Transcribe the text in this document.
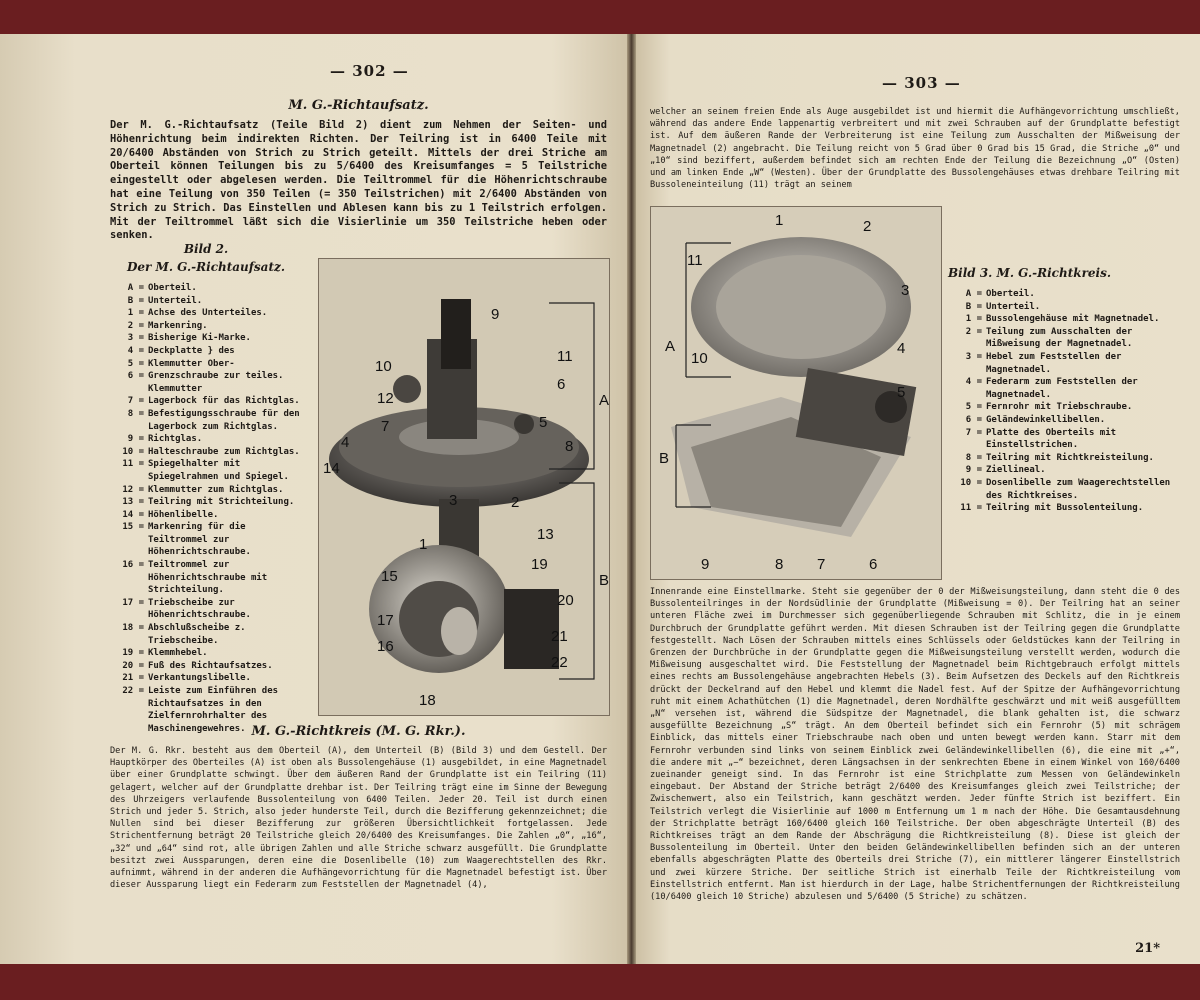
— 302 —

M. G.-Richtaufsatz.

Der M. G.-Richtaufsatz (Teile Bild 2) dient zum Nehmen der Seiten- und Höhenrichtung beim indirekten Richten. Der Teilring ist in 6400 Teile mit 20/6400 Abständen von Strich zu Strich geteilt. Mittels der drei Striche am Oberteil können Teilungen bis zu 5/6400 des Kreisumfanges = 5 Teilstriche eingestellt oder abgelesen werden. Die Teiltrommel für die Höhenrichtschraube hat eine Teilung von 350 Teilen (= 350 Teilstrichen) mit 2/6400 Abständen von Strich zu Strich. Das Einstellen und Ablesen kann bis zu 1 Teilstrich erfolgen. Mit der Teiltrommel läßt sich die Visierlinie um 350 Teilstriche heben oder senken.

Bild 2.

Der M. G.-Richtaufsatz.

A = Oberteil.
B = Unterteil.
1 = Achse des Unterteiles.
2 = Markenring.
3 = Bisherige Ki-Marke.
4 = Deckplatte } des
5 = Klemmutter Ober-
6 = Grenzschraube zur teiles.
Klemmutter
7 = Lagerbock für das Richtglas.
8 = Befestigungsschraube für den Lagerbock zum Richtglas.
9 = Richtglas.
10 = Halteschraube zum Richtglas.
11 = Spiegelhalter mit Spiegelrahmen und Spiegel.
12 = Klemmutter zum Richtglas.
13 = Teilring mit Strichteilung.
14 = Höhenlibelle.
15 = Markenring für die Teiltrommel zur Höhenrichtschraube.
16 = Teiltrommel zur Höhenrichtschraube mit Strichteilung.
17 = Triebscheibe zur Höhenrichtschraube.
18 = Abschlußscheibe z. Triebscheibe.
19 = Klemmhebel.
20 = Fuß des Richtaufsatzes.
21 = Verkantungslibelle.
22 = Leiste zum Einführen des Richtaufsatzes in den Zielfernrohrhalter des Maschinengewehres.
9
10
12
11
6
7	5
8
4
14
3	2
13
1
19
15
20
17
16
21
22
18
A
B

M. G.-Richtkreis (M. G. Rkr.).

Der M. G. Rkr. besteht aus dem Oberteil (A), dem Unterteil (B) (Bild 3) und dem Gestell. Der Hauptkörper des Oberteiles (A) ist oben als Bussolengehäuse (1) ausgebildet, in eine Magnetnadel über einer Grundplatte schwingt. Über dem äußeren Rand der Grundplatte ist ein Teilring (11) gelagert, welcher auf der Grundplatte drehbar ist. Der Teilring trägt eine im Sinne der Bewegung des Uhrzeigers verlaufende Bussolenteilung von 6400 Teilen. Jeder 20. Teil ist durch einen Strich und jeder 5. Strich, also jeder hunderste Teil, durch die Bezifferung gekennzeichnet; die Nullen sind bei dieser Bezifferung zur größeren Übersichtlichkeit fortgelassen. Jede Strichentfernung beträgt 20 Teilstriche gleich 20/6400 des Kreisumfanges. Die Zahlen „0“, „16“, „32“ und „64“ sind rot, alle übrigen Zahlen und alle Striche schwarz ausgefüllt. Die Grundplatte besitzt zwei Aussparungen, deren eine die Dosenlibelle (10) zum Waagerechtstellen des Rkr. aufnimmt, während in der anderen die Aufhängevorrichtung für die Magnetnadel befestigt ist. Über dieser Aussparung liegt ein Federarm zum Feststellen der Magnetnadel (4),

— 303 —

welcher an seinem freien Ende als Auge ausgebildet ist und hiermit die Aufhängevorrichtung umschließt, während das andere Ende lappenartig verbreitert und mit zwei Schrauben auf der Grundplatte befestigt ist. Auf dem äußeren Rande der Verbreiterung ist eine Teilung zum Ausschalten der Mißweisung der Magnetnadel (2) angebracht. Die Teilung reicht von 5 Grad über 0 Grad bis 15 Grad, die Striche „0“ und „10“ sind beziffert, außerdem befindet sich am rechten Ende der Teilung die Bezeichnung „O“ (Osten) und am linken Ende „W“ (Westen). Über der Grundplatte des Bussolengehäuses etwas drehbare Teilring mit Bussoleneinteilung (11) trägt an seinem

1	2
11
3
A	4
10
5
B
9	8 7	6

Bild 3. M. G.-Richtkreis.

A = Oberteil.
B = Unterteil.
1 = Bussolengehäuse mit Magnetnadel.
2 = Teilung zum Ausschalten der Mißweisung der Magnetnadel.
3 = Hebel zum Feststellen der Magnetnadel.
4 = Federarm zum Feststellen der Magnetnadel.
5 = Fernrohr mit Triebschraube.
6 = Geländewinkellibellen.
7 = Platte des Oberteils mit Einstellstrichen.
8 = Teilring mit Richtkreisteilung.
9 = Ziellineal.
10 = Dosenlibelle zum Waagerechtstellen des Richtkreises.
11 = Teilring mit Bussolenteilung.

Innenrande eine Einstellmarke. Steht sie gegenüber der 0 der Mißweisungsteilung, dann steht die 0 des Bussolenteilringes in der Nordsüdlinie der Grundplatte (Mißweisung = 0). Der Teilring hat an seiner unteren Fläche zwei im Durchmesser sich gegenüberliegende Schrauben mit Schlitz, die in je einem Durchbruch der Grundplatte geführt werden. Mit diesen Schrauben ist der Teilring gegen die Grundplatte festgestellt. Nach Lösen der Schrauben mittels eines Schlüssels oder Geldstückes kann der Teilring in Grenzen der Durchbrüche in der Grundplatte gegen die Mißweisungsteilung verstellt werden, wodurch die Mißweisung ausgeschaltet wird. Die Feststellung der Magnetnadel beim Richtgebrauch erfolgt mittels eines rechts am Bussolengehäuse angebrachten Hebels (3). Beim Aufsetzen des Deckels auf den Richtkreis drückt der Deckelrand auf den Hebel und klemmt die Nadel fest. Auf der Spitze der Aufhängevorrichtung ruht mit einem Achathütchen (1) die Magnetnadel, deren Nordhälfte geschwärzt und mit weiß ausgefülltem „N“ versehen ist, während die Südspitze der Magnetnadel, die blank gehalten ist, die schwarz ausgefüllte Bezeichnung „S“ trägt. An dem Oberteil befindet sich ein Fernrohr (5) mit schrägem Einblick, das mittels einer Triebschraube nach oben und unten bewegt werden kann. Starr mit dem Fernrohr verbunden sind links von seinem Einblick zwei Geländewinkellibellen (6), die eine mit „+“, die andere mit „−“ bezeichnet, deren Längsachsen in der senkrechten Ebene in einem Winkel von 160/6400 zueinander geneigt sind. In das Fernrohr ist eine Strichplatte zum Messen von Geländewinkeln eingebaut. Der Abstand der Striche beträgt 2/6400 des Kreisumfanges gleich zwei Teilstriche; der Zwischenwert, also ein Teilstrich, kann geschätzt werden. Jeder fünfte Strich ist beziffert. Ein Teilstrich verlegt die Visierlinie auf 1000 m Entfernung um 1 m nach der Höhe. Die Gesamtausdehnung der Strichplatte beträgt 160/6400 gleich 160 Teilstriche. Der oben abgeschrägte Unterteil (B) des Richtkreises trägt an dem Rande der Abschrägung die Richtkreisteilung (8). Diese ist gleich der Bussolenteilung im Oberteil. Unter den beiden Geländewinkellibellen befinden sich an der unteren ebenfalls abgeschrägten Platte des Oberteils drei Striche (7), ein mittlerer längerer Einstellstrich und zwei kürzere Striche. Der seitliche Strich ist einerhalb Teile der Richtkreisteilung vom Einstellstrich entfernt. Man ist hierdurch in der Lage, halbe Strichentfernungen der Richtkreisteilung (10/6400 gleich 10 Striche) abzulesen und 5/6400 (5 Striche) zu schätzen.

21*
